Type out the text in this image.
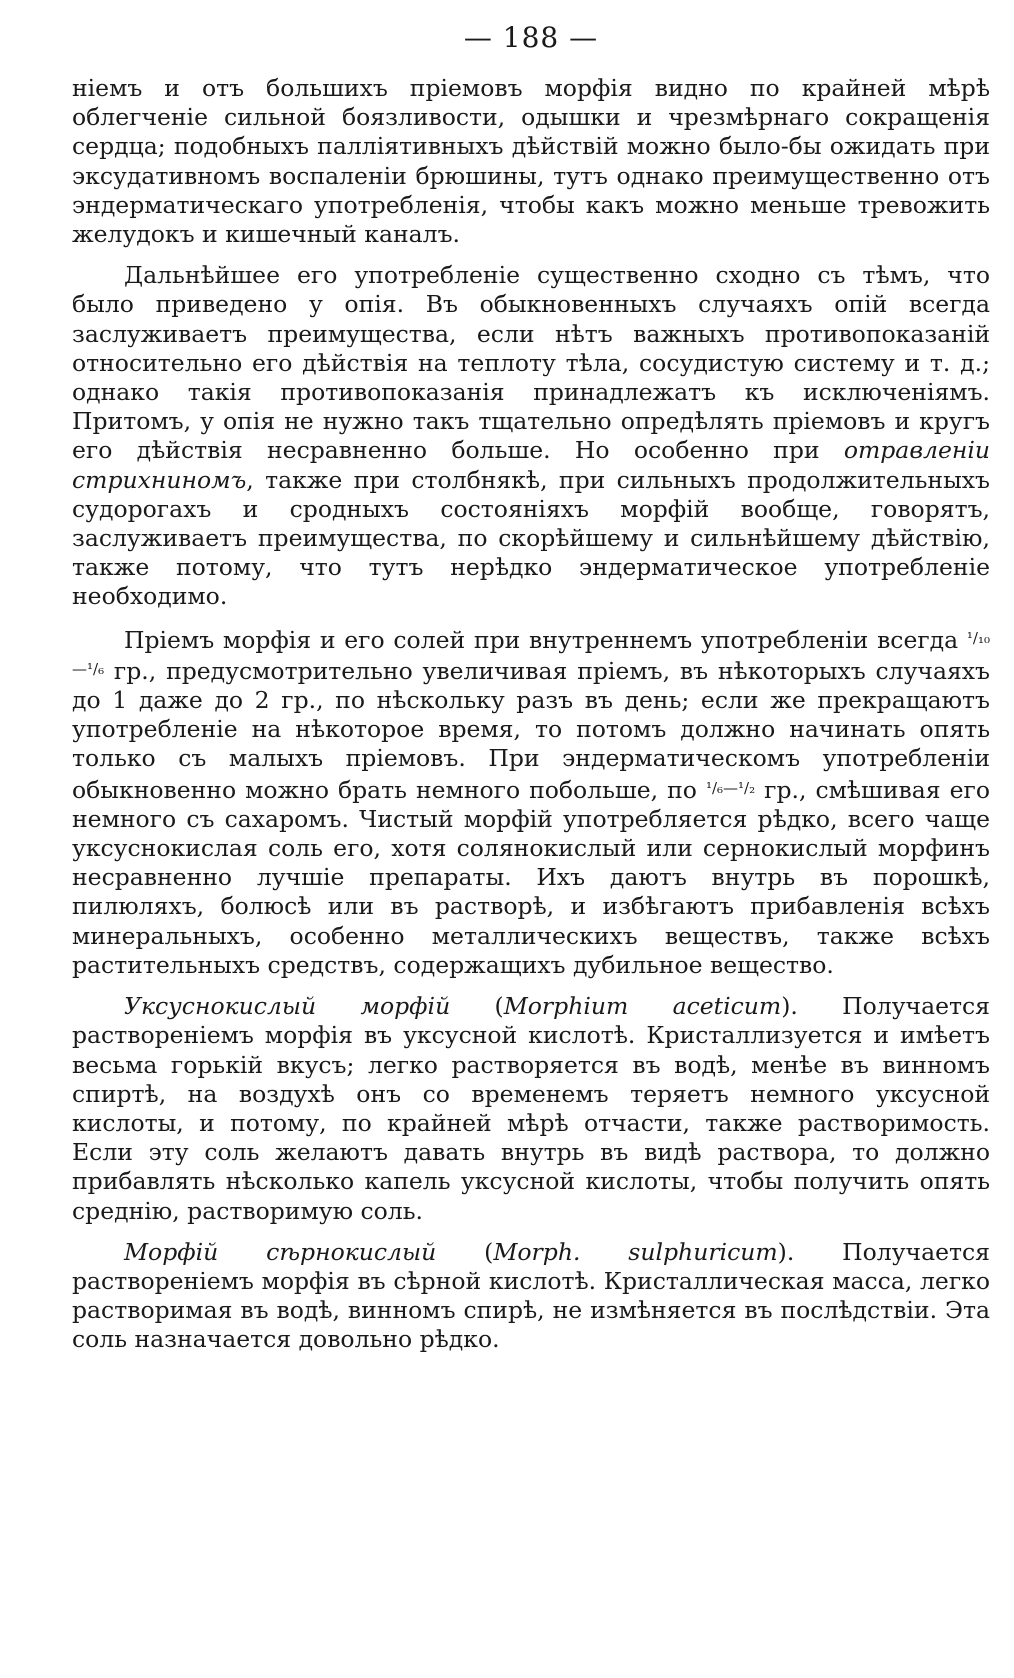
— 188 —

ніемъ и отъ большихъ пріемовъ морфія видно по крайней мѣрѣ облегченіе сильной боязливости, одышки и чрезмѣрнаго сокращенія сердца; подобныхъ палліятивныхъ дѣйствій можно было-бы ожидать при эксудативномъ воспаленіи брюшины, тутъ однако преимущественно отъ эндерматическаго употребленія, чтобы какъ можно меньше тревожить желудокъ и кишечный каналъ.

Дальнѣйшее его употребленіе существенно сходно съ тѣмъ, что было приведено у опія. Въ обыкновенныхъ случаяхъ опій всегда заслуживаетъ преимущества, если нѣтъ важныхъ противопоказаній относительно его дѣйствія на теплоту тѣла, сосудистую систему и т. д.; однако такія противопоказанія принадлежатъ къ исключеніямъ. Притомъ, у опія не нужно такъ тщательно опредѣлять пріемовъ и кругъ его дѣйствія несравненно больше. Но особенно при отравленіи стрихниномъ, также при столбнякѣ, при сильныхъ продолжительныхъ судорогахъ и сродныхъ состояніяхъ морфій вообще, говорятъ, заслуживаетъ преимущества, по скорѣйшему и сильнѣйшему дѣйствію, также потому, что тутъ нерѣдко эндерматическое употребленіе необходимо.

Пріемъ морфія и его солей при внутреннемъ употребленіи всегда $^{^1/_{10}—^1/_6}$ гр., предусмотрительно увеличивая пріемъ, въ нѣкоторыхъ случаяхъ до 1 даже до 2 гр., по нѣскольку разъ въ день; если же прекращаютъ употребленіе на нѣкоторое время, то потомъ должно начинать опять только съ малыхъ пріемовъ. При эндерматическомъ употребленіи обыкновенно можно брать немного побольше, по $^{^1/_6—^1/_2}$ гр., смѣшивая его немного съ сахаромъ. Чистый морфій употребляется рѣдко, всего чаще уксуснокислая соль его, хотя солянокислый или сернокислый морфинъ несравненно лучшіе препараты. Ихъ даютъ внутрь въ порошкѣ, пилюляхъ, болюсѣ или въ растворѣ, и избѣгаютъ прибавленія всѣхъ минеральныхъ, особенно металлическихъ веществъ, также всѣхъ растительныхъ средствъ, содержащихъ дубильное вещество.

Уксуснокислый морфій (Morphium aceticum). Получается раствореніемъ морфія въ уксусной кислотѣ. Кристаллизуется и имѣетъ весьма горькій вкусъ; легко растворяется въ водѣ, менѣе въ винномъ спиртѣ, на воздухѣ онъ со временемъ теряетъ немного уксусной кислоты, и потому, по крайней мѣрѣ отчасти, также растворимость. Если эту соль желаютъ давать внутрь въ видѣ раствора, то должно прибавлять нѣсколько капель уксусной кислоты, чтобы получить опять среднію, растворимую соль.

Морфій сѣрнокислый (Morph. sulphuricum). Получается раствореніемъ морфія въ сѣрной кислотѣ. Кристаллическая масса, легко растворимая въ водѣ, винномъ спирѣ, не измѣняется въ послѣдствіи. Эта соль назначается довольно рѣдко.
